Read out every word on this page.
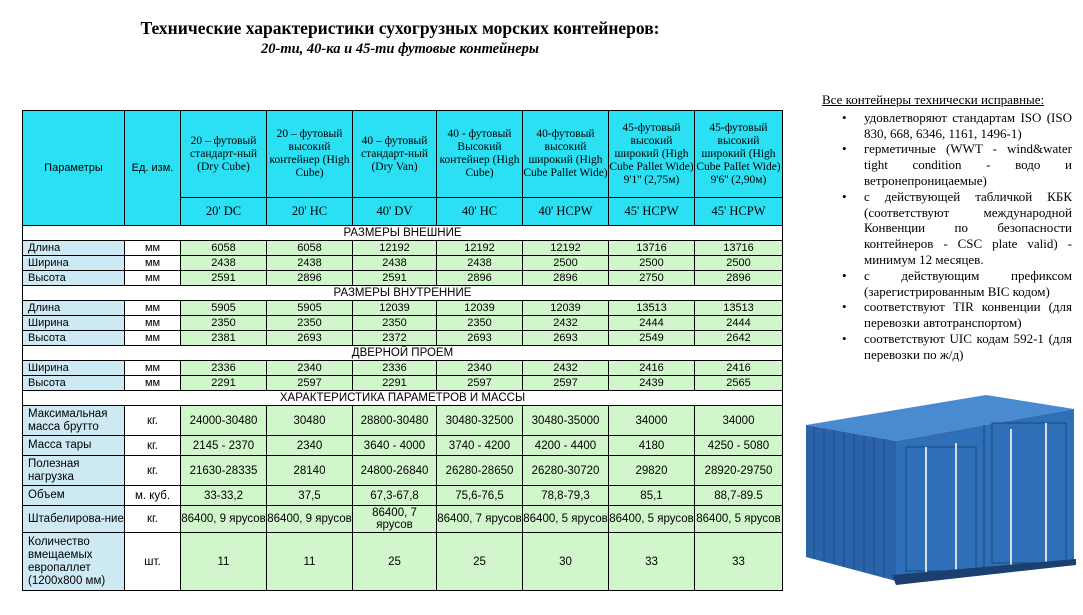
Технические характеристики сухогрузных морских контейнеров:
20-ти, 40-ка и 45-ти футовые контейнеры
Параметры	Ед. изм.	20 – футовый стандарт-ный (Dry Cube)	20 – футовый высокий контейнер (High Cube)	40 – футовый стандарт-ный (Dry Van)	40 - футовый Высокий контейнер (High Cube)	40-футовый высокий широкий (High Cube Pallet Wide)	45-футовый высокий широкий (High Cube Pallet Wide) 9'1'' (2,75м)	45-футовый высокий широкий (High Cube Pallet Wide) 9'6'' (2,90м)
		20' DC	20' HC	40' DV	40' HC	40' HCPW	45' HCPW	45' HCPW
РАЗМЕРЫ ВНЕШНИЕ								
Длина	мм	6058	6058	12192	12192	12192	13716	13716
Ширина	мм	2438	2438	2438	2438	2500	2500	2500
Высота	мм	2591	2896	2591	2896	2896	2750	2896
РАЗМЕРЫ ВНУТРЕННИЕ								
Длина	мм	5905	5905	12039	12039	12039	13513	13513
Ширина	мм	2350	2350	2350	2350	2432	2444	2444
Высота	мм	2381	2693	2372	2693	2693	2549	2642
ДВЕРНОЙ ПРОЕМ								
Ширина	мм	2336	2340	2336	2340	2432	2416	2416
Высота	мм	2291	2597	2291	2597	2597	2439	2565
ХАРАКТЕРИСТИКА ПАРАМЕТРОВ И МАССЫ								
Максимальная масса брутто	кг.	24000-30480	30480	28800-30480	30480-32500	30480-35000	34000	34000
Масса тары	кг.	2145 - 2370	2340	3640 - 4000	3740 - 4200	4200 - 4400	4180	4250 - 5080
Полезная нагрузка	кг.	21630-28335	28140	24800-26840	26280-28650	26280-30720	29820	28920-29750
Объем	м. куб.	33-33,2	37,5	67,3-67,8	75,6-76,5	78,8-79,3	85,1	88,7-89.5
Штабелирова-ние	кг.	86400, 9 ярусов	86400, 9 ярусов	86400, 7 ярусов	86400, 7 ярусов	86400, 5 ярусов	86400, 5 ярусов	86400, 5 ярусов
Количество вмещаемых европаллет (1200x800 мм)	шт.	11	11	25	25	30	33	33
Все контейнеры технически исправные:
• удовлетворяют стандартам ISO (ISO 830, 668, 6346, 1161, 1496-1)
• герметичные (WWT - wind&water tight condition - водо и ветронепроницаемые)
• с действующей табличкой КБК (соответствуют международной Конвенции по безопасности контейнеров - CSC plate valid) - минимум 12 месяцев.
• с действующим префиксом (зарегистрированным BIC кодом)
• соответствуют TIR конвенции (для перевозки автотранспортом)
• соответствуют UIC кодам 592-1 (для перевозки по ж/д)
